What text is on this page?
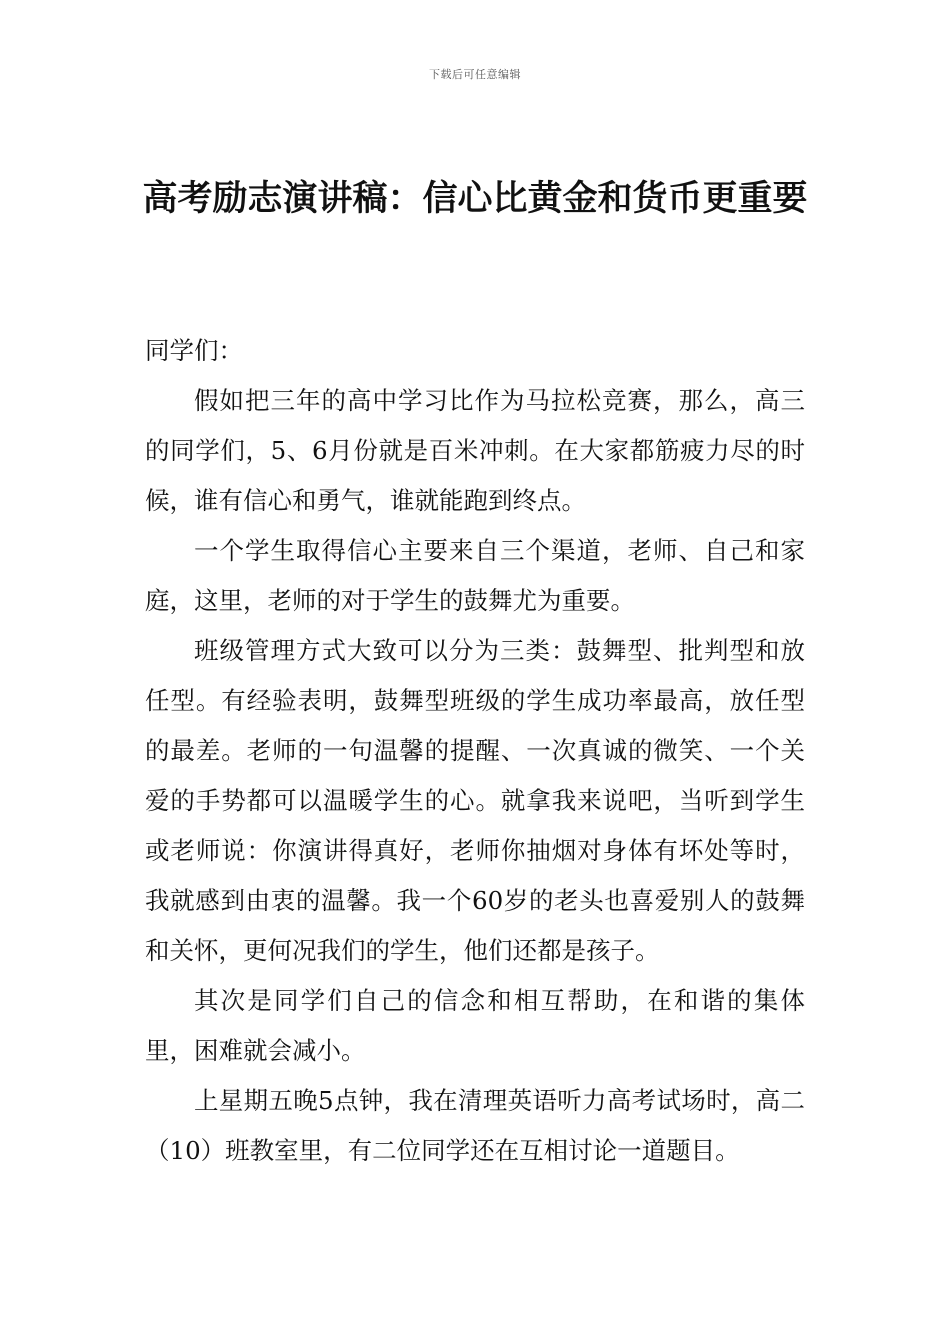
下载后可任意编辑
高考励志演讲稿：信心比黄金和货币更重要

同学们：

假如把三年的高中学习比作为马拉松竞赛，那么，高三的同学们，5、6月份就是百米冲刺。在大家都筋疲力尽的时候，谁有信心和勇气，谁就能跑到终点。

一个学生取得信心主要来自三个渠道，老师、自己和家庭，这里，老师的对于学生的鼓舞尤为重要。

班级管理方式大致可以分为三类：鼓舞型、批判型和放任型。有经验表明，鼓舞型班级的学生成功率最高，放任型的最差。老师的一句温馨的提醒、一次真诚的微笑、一个关爱的手势都可以温暖学生的心。就拿我来说吧，当听到学生或老师说：你演讲得真好，老师你抽烟对身体有坏处等时，我就感到由衷的温馨。我一个60岁的老头也喜爱别人的鼓舞和关怀，更何况我们的学生，他们还都是孩子。

其次是同学们自己的信念和相互帮助，在和谐的集体里，困难就会减小。

上星期五晚5点钟，我在清理英语听力高考试场时，高二（10）班教室里，有二位同学还在互相讨论一道题目。
